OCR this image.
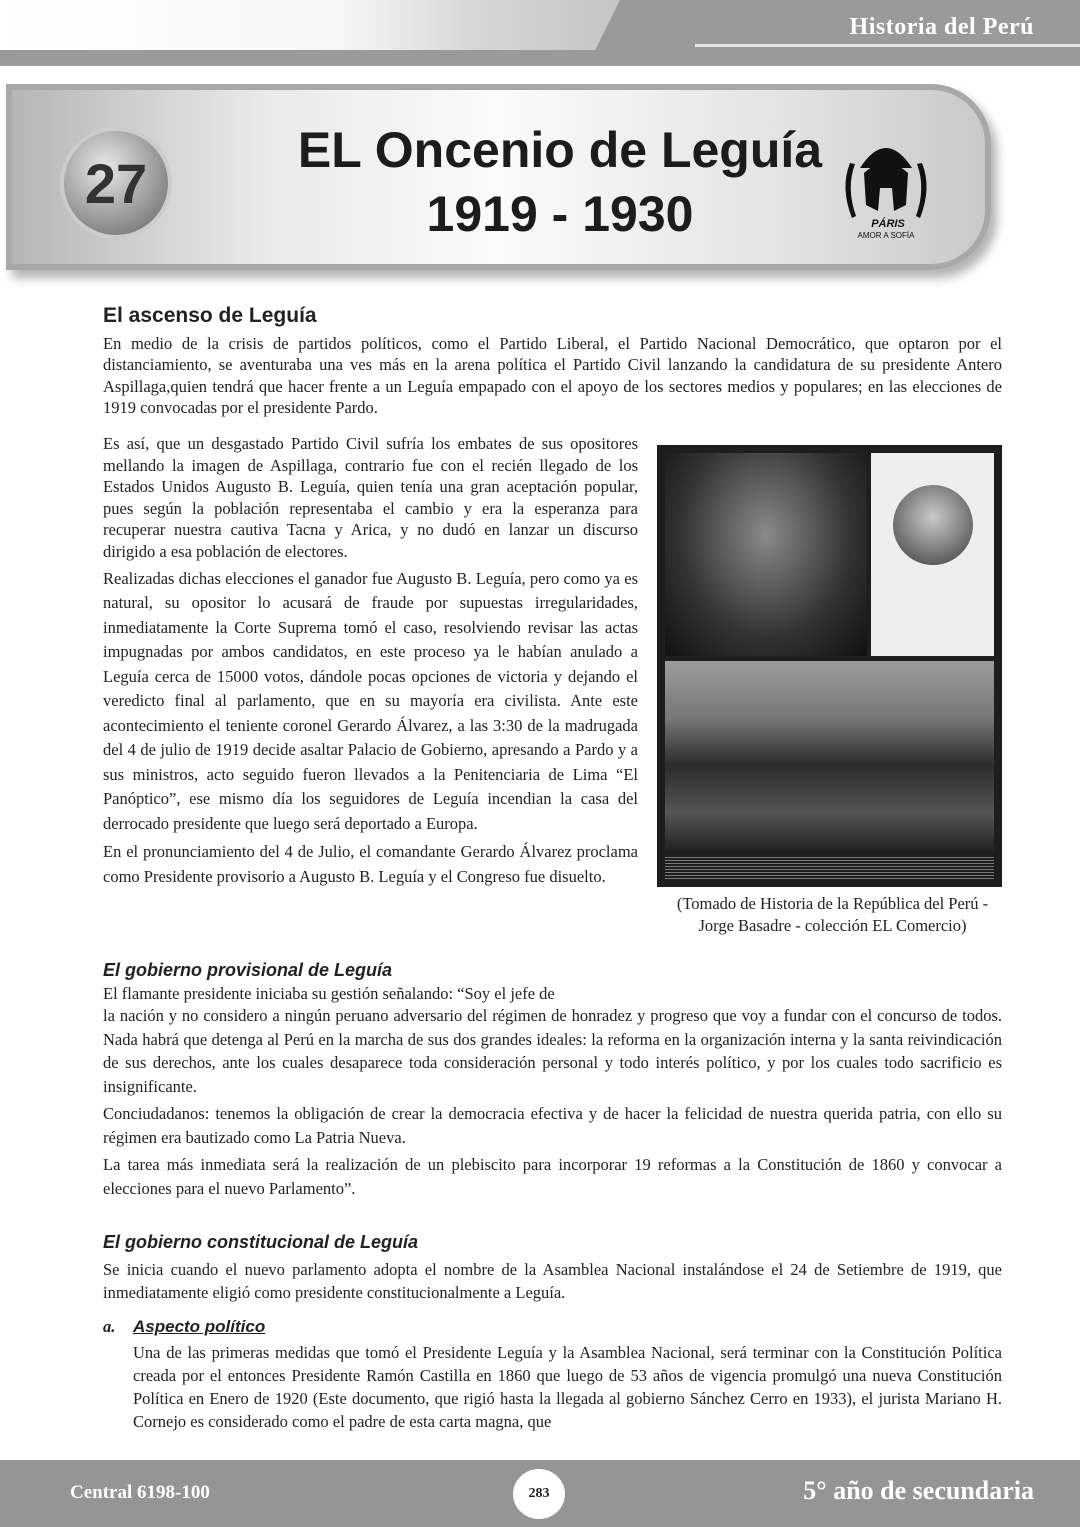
Historia del Perú
27
EL Oncenio de Leguía
1919 - 1930	PÁRIS
AMOR A SOFÍA
El ascenso de Leguía

En medio de la crisis de partidos políticos, como el Partido Liberal, el Partido Nacional Democrático, que optaron por el distanciamiento, se aventuraba una ves más en la arena política el Partido Civil lanzando la candidatura de su presidente Antero Aspillaga,quien tendrá que hacer frente a un Leguía empapado con el apoyo de los sectores medios y populares; en las elecciones de 1919 convocadas por el presidente Pardo.

Es así, que un desgastado Partido Civil sufría los embates de sus opositores mellando la imagen de Aspillaga, contrario fue con el recién llegado de los Estados Unidos Augusto B. Leguía, quien tenía una gran aceptación popular, pues según la población representaba el cambio y era la esperanza para recuperar nuestra cautiva Tacna y Arica, y no dudó en lanzar un discurso dirigido a esa población de electores.

Realizadas dichas elecciones el ganador fue Augusto B. Leguía, pero como ya es natural, su opositor lo acusará de fraude por supuestas irregularidades, inmediatamente la Corte Suprema tomó el caso, resolviendo revisar las actas impugnadas por ambos candidatos, en este proceso ya le habían anulado a Leguía cerca de 15000 votos, dándole pocas opciones de victoria y dejando el veredicto final al parlamento, que en su mayoría era civilista. Ante este acontecimiento el teniente coronel Gerardo Álvarez, a las 3:30 de la madrugada del 4 de julio de 1919 decide asaltar Palacio de Gobierno, apresando a Pardo y a sus ministros, acto seguido fueron llevados a la Penitenciaria de Lima “El Panóptico”, ese mismo día los seguidores de Leguía incendian la casa del derrocado presidente que luego será deportado a Europa.

En el pronunciamiento del 4 de Julio, el comandante Gerardo Álvarez proclama como Presidente provisorio a Augusto B. Leguía y el Congreso fue disuelto.

(Tomado de Historia de la República del Perú - Jorge Basadre - colección EL Comercio)
El gobierno provisional de Leguía

El flamante presidente iniciaba su gestión señalando: “Soy el jefe de

la nación y no considero a ningún peruano adversario del régimen de honradez y progreso que voy a fundar con el concurso de todos. Nada habrá que detenga al Perú en la marcha de sus dos grandes ideales: la reforma en la organización interna y la santa reivindicación de sus derechos, ante los cuales desaparece toda consideración personal y todo interés político, y por los cuales todo sacrificio es insignificante.

Conciudadanos: tenemos la obligación de crear la democracia efectiva y de hacer la felicidad de nuestra querida patria, con ello su régimen era bautizado como La Patria Nueva.

La tarea más inmediata será la realización de un plebiscito para incorporar 19 reformas a la Constitución de 1860 y convocar a elecciones para el nuevo Parlamento”.

El gobierno constitucional de Leguía

Se inicia cuando el nuevo parlamento adopta el nombre de la Asamblea Nacional instalándose el 24 de Setiembre de 1919, que inmediatamente eligió como presidente constitucionalmente a Leguía.

a.	Aspecto político

Una de las primeras medidas que tomó el Presidente Leguía y la Asamblea Nacional, será terminar con la Constitución Política creada por el entonces Presidente Ramón Castilla en 1860 que luego de 53 años de vigencia promulgó una nueva Constitución Política en Enero de 1920 (Este documento, que rigió hasta la llegada al gobierno Sánchez Cerro en 1933), el jurista Mariano H. Cornejo es considerado como el padre de esta carta magna, que

Central 6198-100	283	5° año de secundaria
